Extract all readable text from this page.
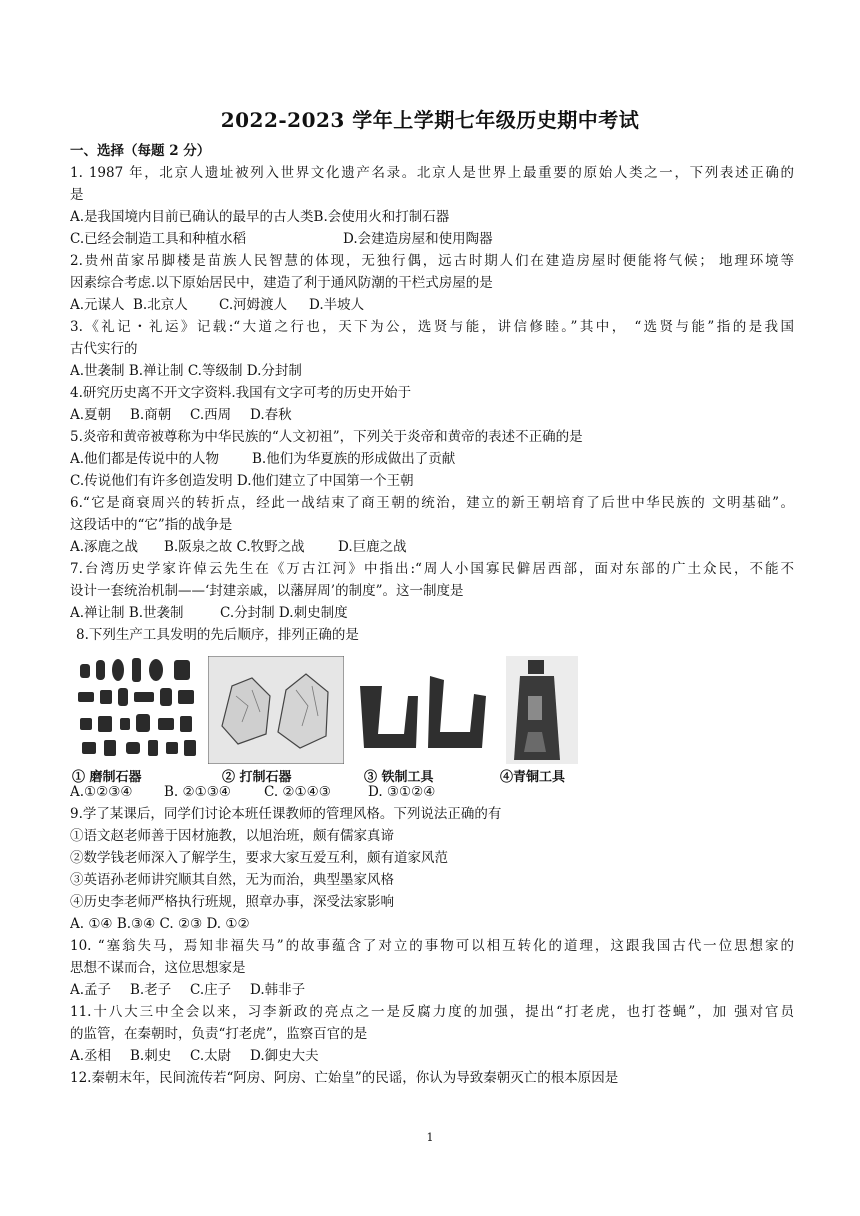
2022-2023 学年上学期七年级历史期中考试
一、选择（每题 2 分）
1. 1987 年，北京人遗址被列入世界文化遗产名录。北京人是世界上最重要的原始人类之一，下列表述正确的
是
A.是我国境内目前已确认的最早的古人类B.会使用火和打制石器
C.已经会制造工具和种植水稻	D.会建造房屋和使用陶器
2.贵州苗家吊脚楼是苗族人民智慧的体现，无独行偶，远古时期人们在建造房屋时便能将气候； 地理环境等
因素综合考虑.以下原始居民中，建造了利于通风防潮的干栏式房屋的是
A.元谋人 B.北京人 C.河姆渡人 D.半坡人
3.《礼记・礼运》记载:“大道之行也，天下为公，选贤与能，讲信修睦。”其中， “选贤与能”指的是我国
古代实行的
A.世袭制 B.禅让制 C.等级制 D.分封制
4.研究历史离不开文字资料.我国有文字可考的历史开始于
A.夏朝 B.商朝 C.西周 D.春秋
5.炎帝和黄帝被尊称为中华民族的“人文初祖”，下列关于炎帝和黄帝的表述不正确的是
A.他们都是传说中的人物 B.他们为华夏族的形成做出了贡献
C.传说他们有许多创造发明 D.他们建立了中国第一个王朝
6.“它是商衰周兴的转折点，经此一战结束了商王朝的统治，建立的新王朝培育了后世中华民族的 文明基础”。
这段话中的“它”指的战争是
A.涿鹿之战 B.阪泉之故 C.牧野之战 D.巨鹿之战
7.台湾历史学家许倬云先生在《万古江河》中指出:“周人小国寡民僻居西部，面对东部的广土众民，不能不
设计一套统治机制——‘封建亲戚，以藩屏周’的制度”。这一制度是
A.禅让制 B.世袭制	C.分封制 D.刺史制度
8.下列生产工具发明的先后顺序，排列正确的是
① 磨制石器	② 打制石器	③ 铁制工具	④青铜工具
A.①②③④ B. ②①③④ C. ②①④③	D. ③①②④
9.学了某课后，同学们讨论本班任课教师的管理风格。下列说法正确的有
①语文赵老师善于因材施教，以旭治班，颇有儒家真谛
②数学钱老师深入了解学生，要求大家互爱互利，颇有道家风范
③英语孙老师讲究顺其自然，无为而治，典型墨家风格
④历史李老师严格执行班规，照章办事，深受法家影响
A. ①④ B.③④ C. ②③ D. ①②
10. “塞翁失马，焉知非福失马”的故事蕴含了对立的事物可以相互转化的道理，这跟我国古代一位思想家的
思想不谋而合，这位思想家是
A.孟子 B.老子 C.庄子 D.韩非子
11.十八大三中全会以来，习李新政的亮点之一是反腐力度的加强，提出“打老虎，也打苍蝇”，加 强对官员
的监管，在秦朝时，负责“打老虎”，监察百官的是
A.丞相 B.刺史 C.太尉 D.御史大夫
12.秦朝末年，民间流传若“阿房、阿房、亡始皇”的民谣，你认为导致秦朝灭亡的根本原因是
1
